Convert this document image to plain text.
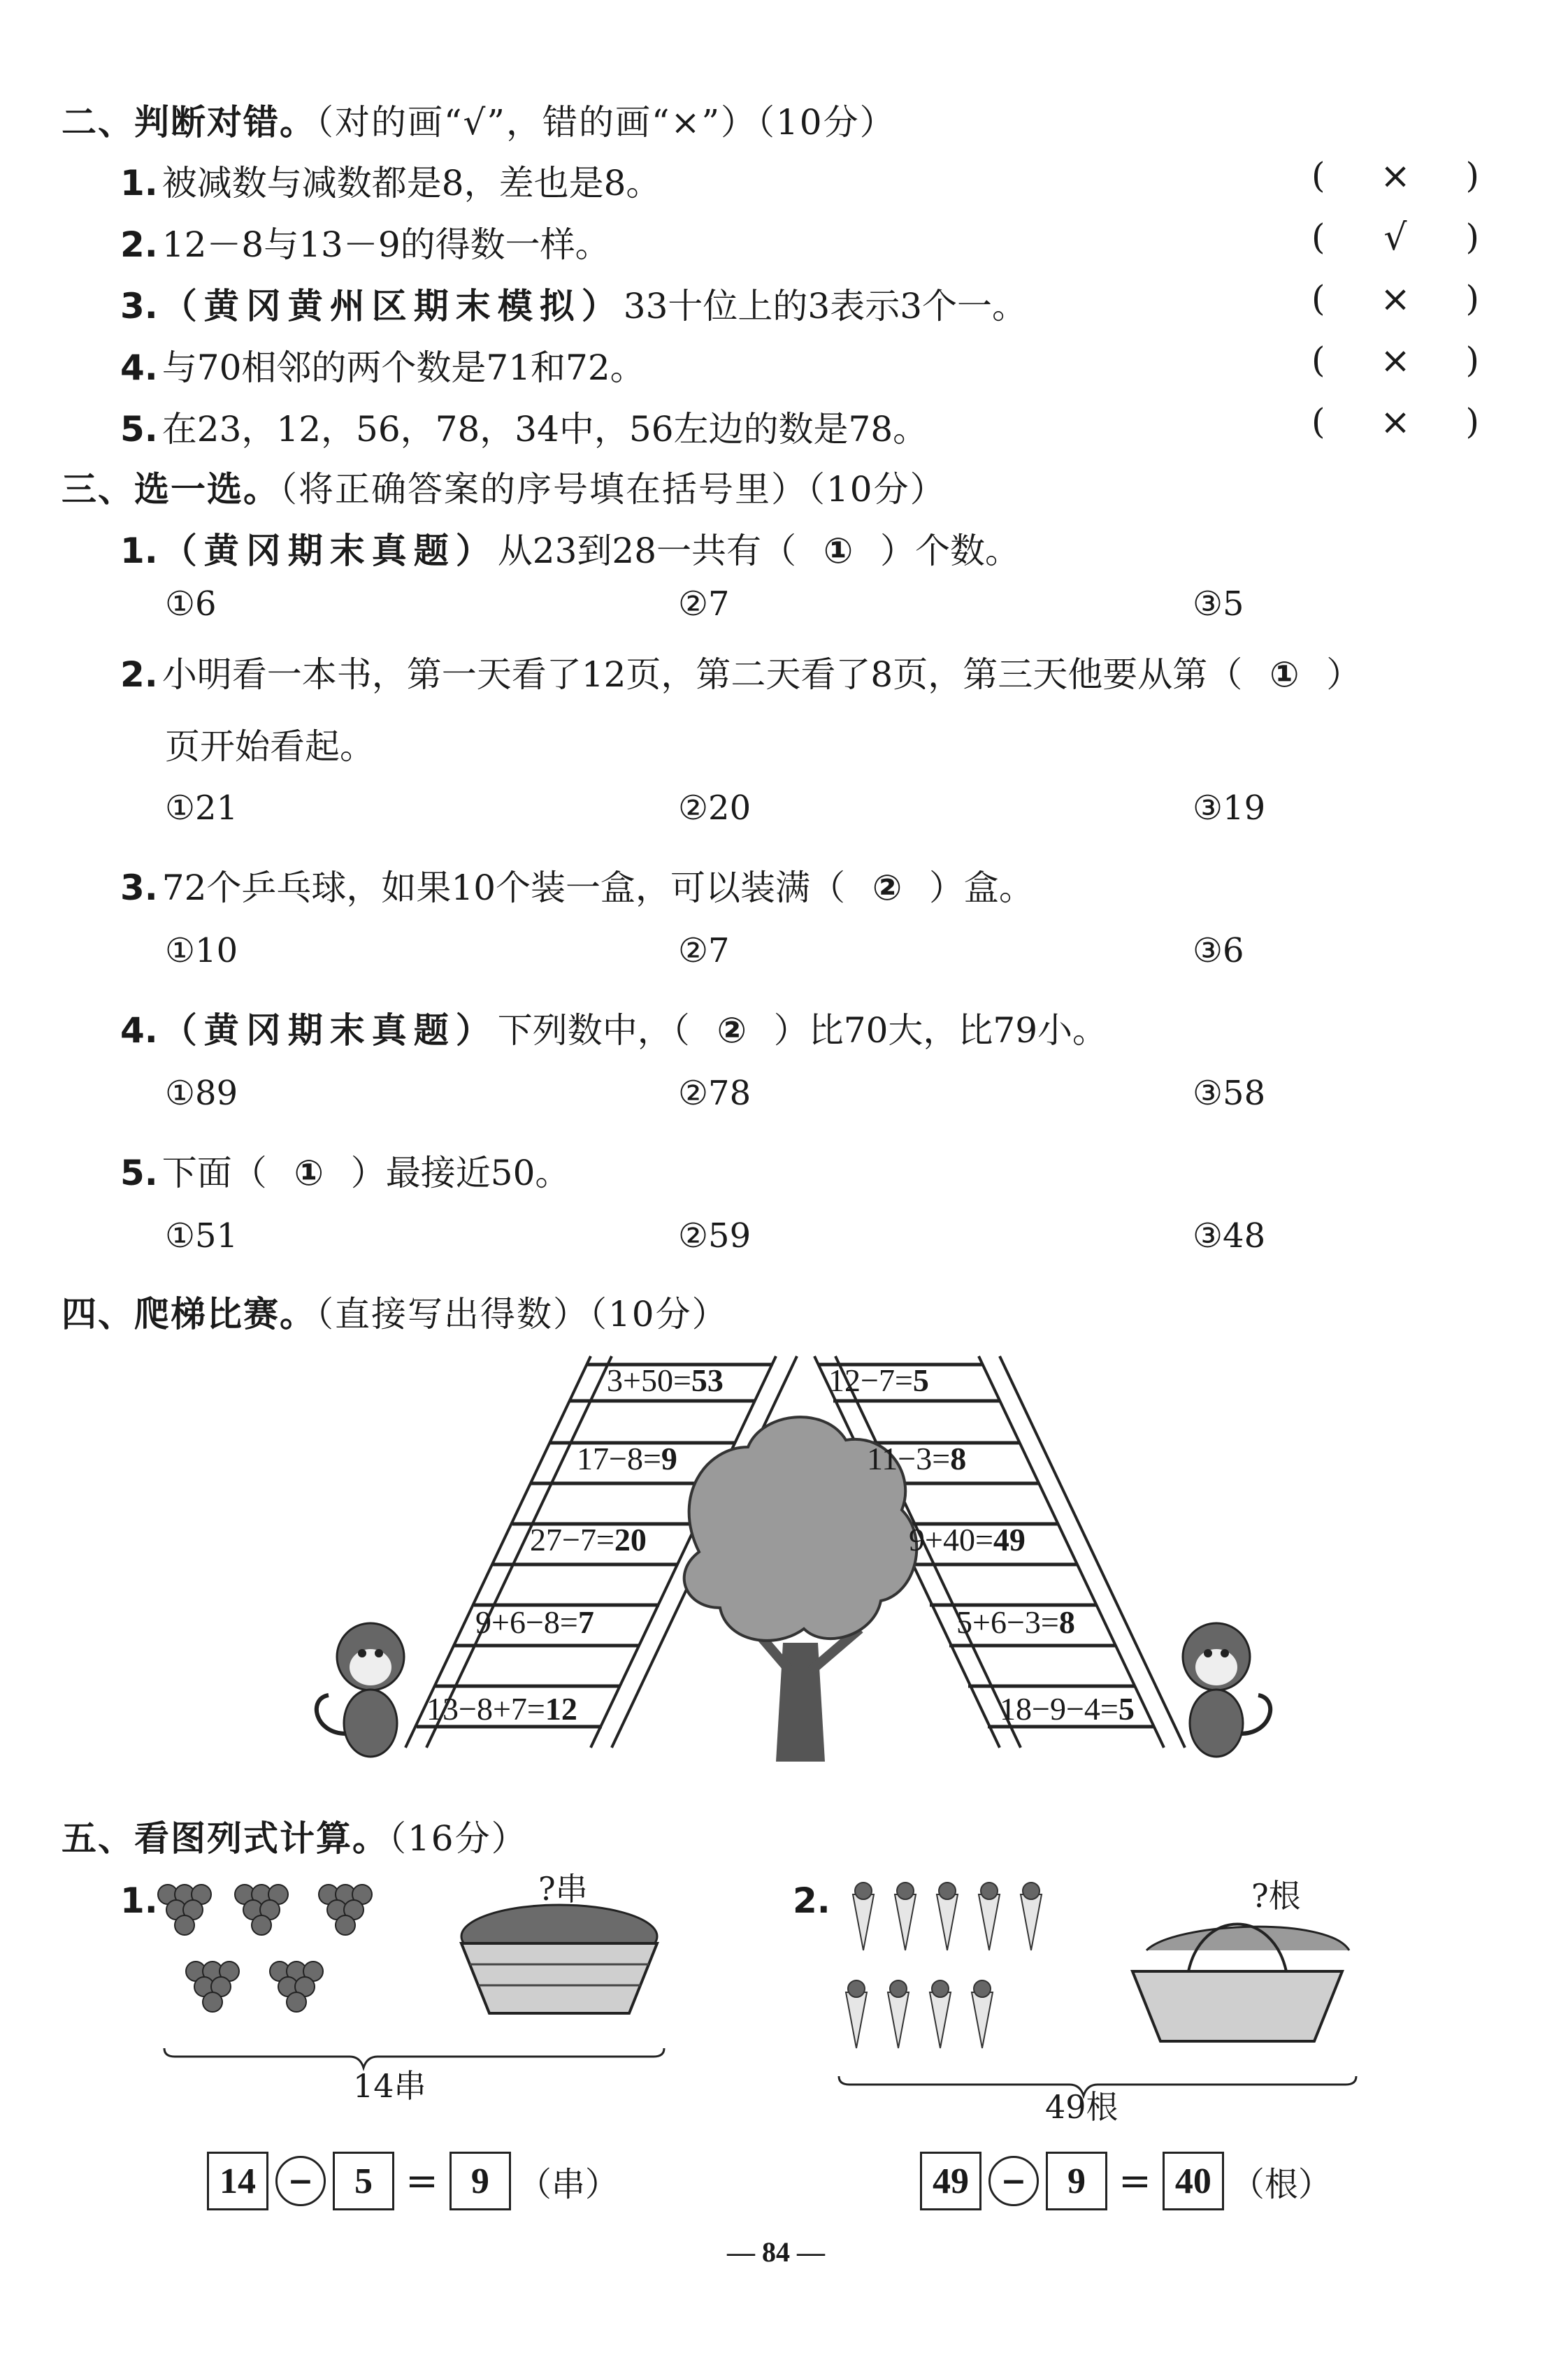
二、判断对错。（对的画“√”，错的画“×”）（10分）
1. 被减数与减数都是8，差也是8。	( × )
2. 12－8与13－9的得数一样。	( √ )
3. （黄冈黄州区期末模拟）33十位上的3表示3个一。	( × )
4. 与70相邻的两个数是71和72。	( × )
5. 在23，12，56，78，34中，56左边的数是78。	( × )
三、选一选。（将正确答案的序号填在括号里）（10分）
1. （黄冈期末真题）从23到28一共有（ ① ）个数。
①6	②7	③5
2. 小明看一本书，第一天看了12页，第二天看了8页，第三天他要从第（ ① ）
页开始看起。
①21	②20	③19
3. 72个乒乓球，如果10个装一盒，可以装满（ ② ）盒。
①10	②7	③6
4. （黄冈期末真题）下列数中，（ ② ）比70大，比79小。
①89	②78	③58
5. 下面（ ① ）最接近50。
①51	②59	③48
四、爬梯比赛。（直接写出得数）（10分）
3+50=53
17−8=9
27−7=20
9+6−8=7
13−8+7=12
12−7=5
11−3=8
9+40=49
5+6−3=8
18−9−4=5
五、看图列式计算。（16分）
1.	2.
?串
14串
?根
49根
14	−	5 = 9 （串）	49	−	9 = 40 （根）
— 84 —
